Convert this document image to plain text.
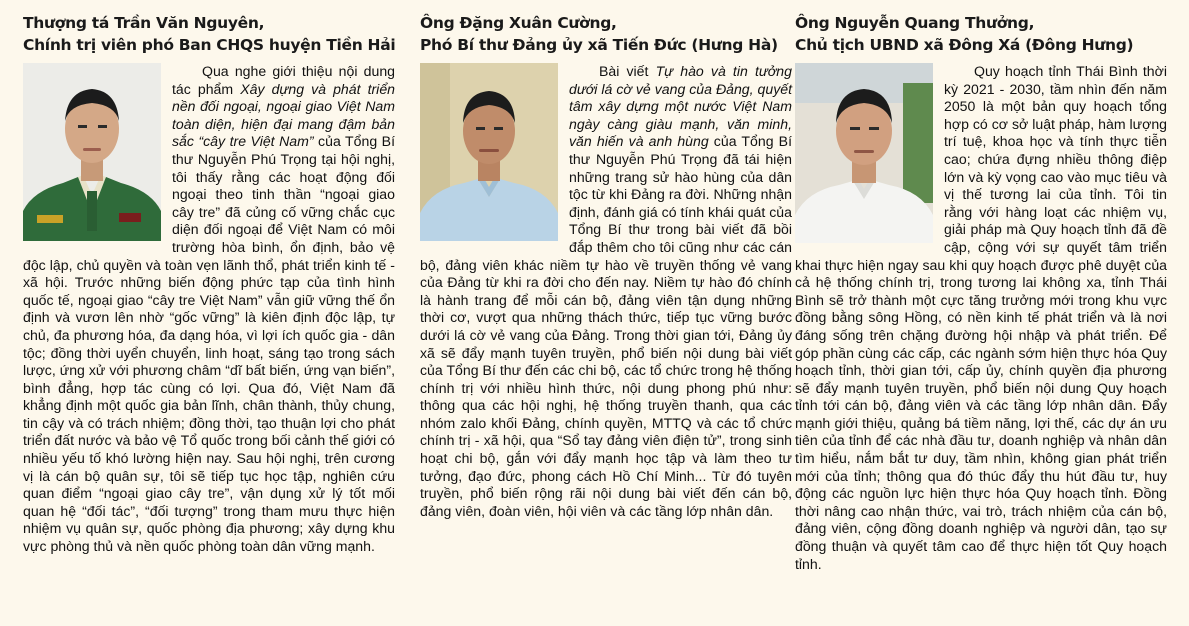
Thượng tá Trần Văn Nguyên,
Chính trị viên phó Ban CHQS huyện Tiền Hải

Qua nghe giới thiệu nội dung tác phẩm Xây dựng và phát triển nền đối ngoại, ngoại giao Việt Nam toàn diện, hiện đại mang đậm bản sắc “cây tre Việt Nam” của Tổng Bí thư Nguyễn Phú Trọng tại hội nghị, tôi thấy rằng các hoạt động đối ngoại theo tinh thần “ngoại giao cây tre” đã củng cố vững chắc cục diện đối ngoại để Việt Nam có môi trường hòa bình, ổn định, bảo vệ độc lập, chủ quyền và toàn vẹn lãnh thổ, phát triển kinh tế - xã hội. Trước những biến động phức tạp của tình hình quốc tế, ngoại giao “cây tre Việt Nam” vẫn giữ vững thế ổn định và vươn lên nhờ “gốc vững” là kiên định độc lập, tự chủ, đa phương hóa, đa dạng hóa, vì lợi ích quốc gia - dân tộc; đồng thời uyển chuyển, linh hoạt, sáng tạo trong sách lược, ứng xử với phương châm “dĩ bất biến, ứng vạn biến”, bình đẳng, hợp tác cùng có lợi. Qua đó, Việt Nam đã khẳng định một quốc gia bản lĩnh, chân thành, thủy chung, tin cậy và có trách nhiệm; đồng thời, tạo thuận lợi cho phát triển đất nước và bảo vệ Tổ quốc trong bối cảnh thế giới có nhiều yếu tố khó lường hiện nay. Sau hội nghị, trên cương vị là cán bộ quân sự, tôi sẽ tiếp tục học tập, nghiên cứu quan điểm “ngoại giao cây tre”, vận dụng xử lý tốt mối quan hệ “đối tác”, “đối tượng” trong tham mưu thực hiện nhiệm vụ quân sự, quốc phòng địa phương; xây dựng khu vực phòng thủ và nền quốc phòng toàn dân vững mạnh.

Ông Đặng Xuân Cường,
Phó Bí thư Đảng ủy xã Tiến Đức (Hưng Hà)

Bài viết Tự hào và tin tưởng dưới lá cờ vẻ vang của Đảng, quyết tâm xây dựng một nước Việt Nam ngày càng giàu mạnh, văn minh, văn hiến và anh hùng của Tổng Bí thư Nguyễn Phú Trọng đã tái hiện những trang sử hào hùng của dân tộc từ khi Đảng ra đời. Những nhận định, đánh giá có tính khái quát của Tổng Bí thư trong bài viết đã bồi đắp thêm cho tôi cũng như các cán bộ, đảng viên khác niềm tự hào về truyền thống vẻ vang của Đảng từ khi ra đời cho đến nay. Niềm tự hào đó chính là hành trang để mỗi cán bộ, đảng viên tận dụng những thời cơ, vượt qua những thách thức, tiếp tục vững bước dưới lá cờ vẻ vang của Đảng. Trong thời gian tới, Đảng ủy xã sẽ đẩy mạnh tuyên truyền, phổ biến nội dung bài viết của Tổng Bí thư đến các chi bộ, các tổ chức trong hệ thống chính trị với nhiều hình thức, nội dung phong phú như: thông qua các hội nghị, hệ thống truyền thanh, qua các nhóm zalo khối Đảng, chính quyền, MTTQ và các tổ chức chính trị - xã hội, qua “Sổ tay đảng viên điện tử”, trong sinh hoạt chi bộ, gắn với đẩy mạnh học tập và làm theo tư tưởng, đạo đức, phong cách Hồ Chí Minh... Từ đó tuyên truyền, phổ biến rộng rãi nội dung bài viết đến cán bộ, đảng viên, đoàn viên, hội viên và các tầng lớp nhân dân.

Ông Nguyễn Quang Thưởng,
Chủ tịch UBND xã Đông Xá (Đông Hưng)

Quy hoạch tỉnh Thái Bình thời kỳ 2021 - 2030, tầm nhìn đến năm 2050 là một bản quy hoạch tổng hợp có cơ sở luật pháp, hàm lượng trí tuệ, khoa học và tính thực tiễn cao; chứa đựng nhiều thông điệp lớn và kỳ vọng cao vào mục tiêu và vị thế tương lai của tỉnh. Tôi tin rằng với hàng loạt các nhiệm vụ, giải pháp mà Quy hoạch tỉnh đã đề cập, cộng với sự quyết tâm triển khai thực hiện ngay sau khi quy hoạch được phê duyệt của cả hệ thống chính trị, trong tương lai không xa, tỉnh Thái Bình sẽ trở thành một cực tăng trưởng mới trong khu vực đồng bằng sông Hồng, có nền kinh tế phát triển và là nơi đáng sống trên chặng đường hội nhập và phát triển. Để góp phần cùng các cấp, các ngành sớm hiện thực hóa Quy hoạch tỉnh, thời gian tới, cấp ủy, chính quyền địa phương sẽ đẩy mạnh tuyên truyền, phổ biến nội dung Quy hoạch tỉnh tới cán bộ, đảng viên và các tầng lớp nhân dân. Đẩy mạnh giới thiệu, quảng bá tiềm năng, lợi thế, các dự án ưu tiên của tỉnh để các nhà đầu tư, doanh nghiệp và nhân dân tìm hiểu, nắm bắt tư duy, tầm nhìn, không gian phát triển mới của tỉnh; thông qua đó thúc đẩy thu hút đầu tư, huy động các nguồn lực hiện thực hóa Quy hoạch tỉnh. Đồng thời nâng cao nhận thức, vai trò, trách nhiệm của cán bộ, đảng viên, cộng đồng doanh nghiệp và người dân, tạo sự đồng thuận và quyết tâm cao để thực hiện tốt Quy hoạch tỉnh.
